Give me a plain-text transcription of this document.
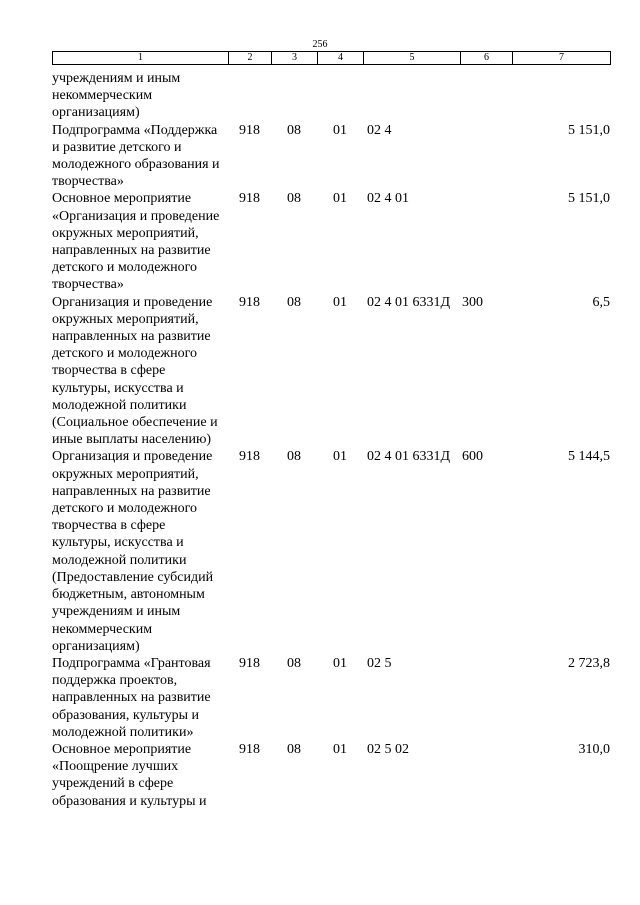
256
1	2	3	4	5	6	7
учреждениям и иным некоммерческим организациям)						
Подпрограмма «Поддержка и развитие детского и молодежного образования и творчества»	918	08	01	02 4		5 151,0
Основное мероприятие «Организация и проведение окружных мероприятий, направленных на развитие детского и молодежного творчества»	918	08	01	02 4 01		5 151,0
Организация и проведение окружных мероприятий, направленных на развитие детского и молодежного творчества в сфере культуры, искусства и молодежной политики (Социальное обеспечение и иные выплаты населению)	918	08	01	02 4 01 6331Д	300	6,5
Организация и проведение окружных мероприятий, направленных на развитие детского и молодежного творчества в сфере культуры, искусства и молодежной политики (Предоставление субсидий бюджетным, автономным учреждениям и иным некоммерческим организациям)	918	08	01	02 4 01 6331Д	600	5 144,5
Подпрограмма «Грантовая поддержка проектов, направленных на развитие образования, культуры и молодежной политики»	918	08	01	02 5		2 723,8
Основное мероприятие «Поощрение лучших учреждений в сфере образования и культуры и	918	08	01	02 5 02		310,0
